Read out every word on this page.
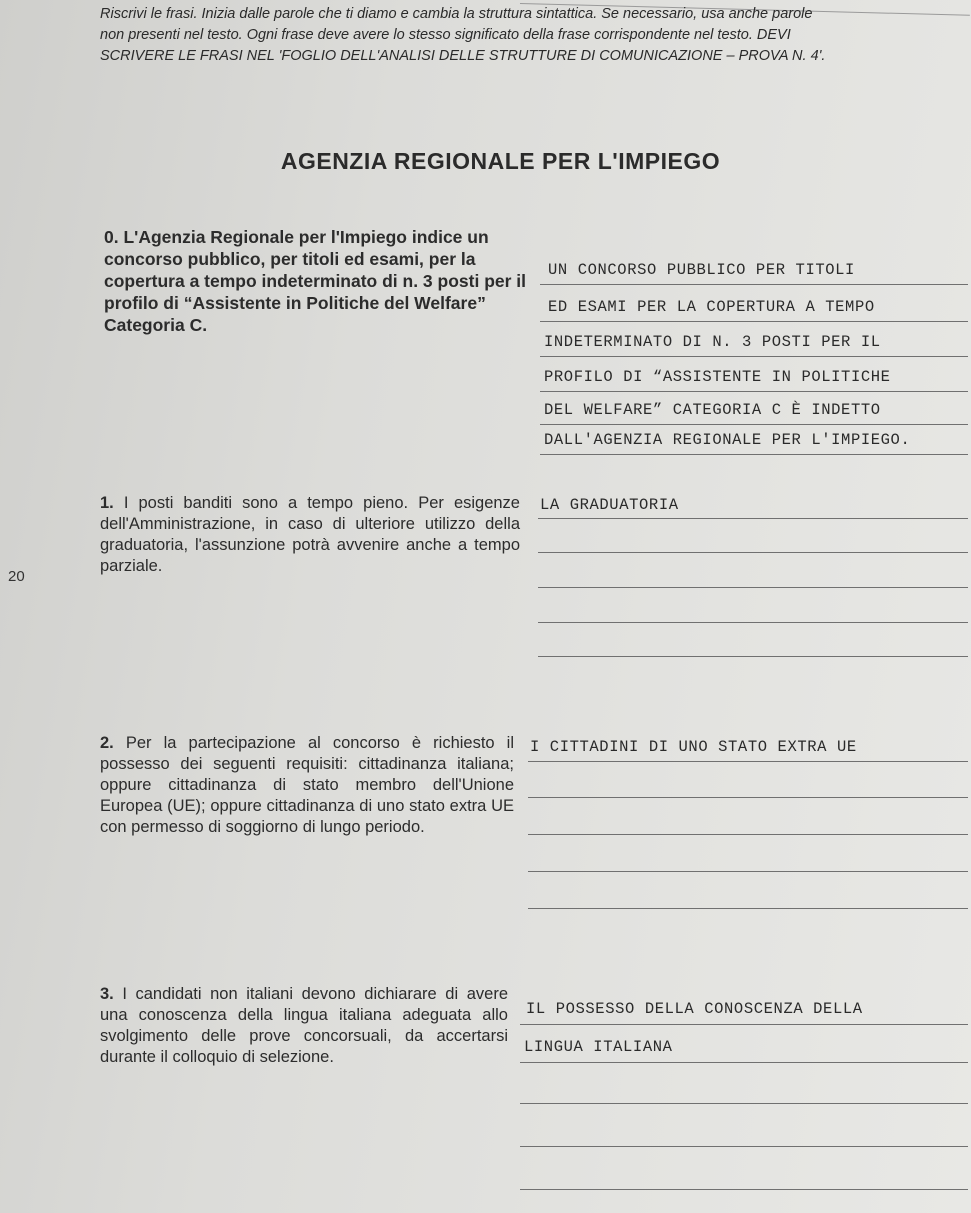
Riscrivi le frasi. Inizia dalle parole che ti diamo e cambia la struttura sintattica. Se necessario, usa anche parole
non presenti nel testo. Ogni frase deve avere lo stesso significato della frase corrispondente nel testo. DEVI
SCRIVERE LE FRASI NEL 'FOGLIO DELL'ANALISI DELLE STRUTTURE DI COMUNICAZIONE – PROVA N. 4'.
AGENZIA REGIONALE PER L'IMPIEGO
20
0. L'Agenzia Regionale per l'Impiego indice un concorso pubblico, per titoli ed esami, per la copertura a tempo indeterminato di n. 3 posti per il profilo di “Assistente in Politiche del Welfare” Categoria C.
1. I posti banditi sono a tempo pieno. Per esigenze dell'Amministrazione, in caso di ulteriore utilizzo della graduatoria, l'assunzione potrà avvenire anche a tempo parziale.
2. Per la partecipazione al concorso è richiesto il possesso dei seguenti requisiti: cittadinanza italiana; oppure cittadinanza di stato membro dell'Unione Europea (UE); oppure cittadinanza di uno stato extra UE con permesso di soggiorno di lungo periodo.
3. I candidati non italiani devono dichiarare di avere una conoscenza della lingua italiana adeguata allo svolgimento delle prove concorsuali, da accertarsi durante il colloquio di selezione.
UN CONCORSO PUBBLICO PER TITOLI
ED ESAMI PER LA COPERTURA A TEMPO
INDETERMINATO DI N. 3 POSTI PER IL
PROFILO DI “ASSISTENTE IN POLITICHE
DEL WELFARE” CATEGORIA C È INDETTO
DALL'AGENZIA REGIONALE PER L'IMPIEGO.
LA GRADUATORIA
I CITTADINI DI UNO STATO EXTRA UE
IL POSSESSO DELLA CONOSCENZA DELLA
LINGUA ITALIANA
